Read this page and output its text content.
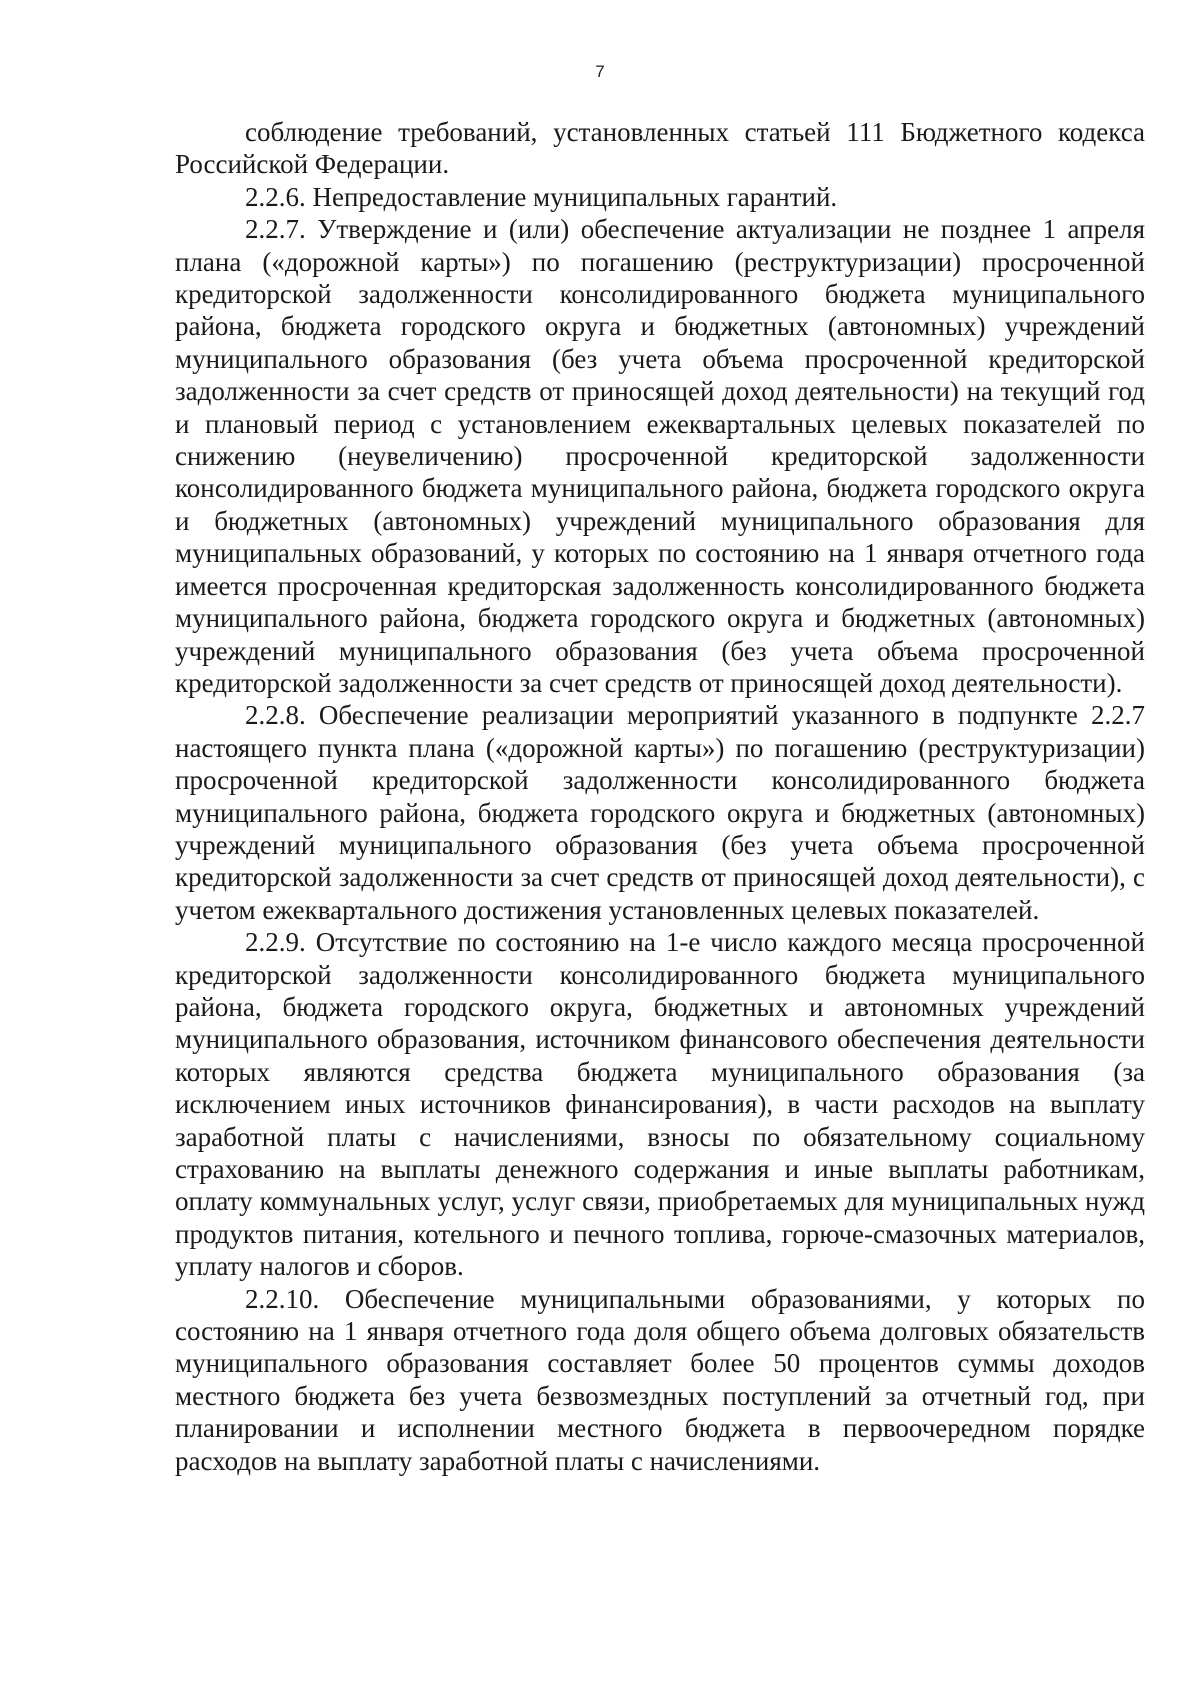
7

соблюдение требований, установленных статьей 111 Бюджетного кодекса Российской Федерации.

2.2.6. Непредоставление муниципальных гарантий.

2.2.7. Утверждение и (или) обеспечение актуализации не позднее 1 апреля плана («дорожной карты») по погашению (реструктуризации) просроченной кредиторской задолженности консолидированного бюджета муниципального района, бюджета городского округа и бюджетных (автономных) учреждений муниципального образования (без учета объема просроченной кредиторской задолженности за счет средств от приносящей доход деятельности) на текущий год и плановый период с установлением ежеквартальных целевых показателей по снижению (неувеличению) просроченной кредиторской задолженности консолидированного бюджета муниципального района, бюджета городского округа и бюджетных (автономных) учреждений муниципального образования для муниципальных образований, у которых по состоянию на 1 января отчетного года имеется просроченная кредиторская задолженность консолидированного бюджета муниципального района, бюджета городского округа и бюджетных (автономных) учреждений муниципального образования (без учета объема просроченной кредиторской задолженности за счет средств от приносящей доход деятельности).

2.2.8. Обеспечение реализации мероприятий указанного в подпункте 2.2.7 настоящего пункта плана («дорожной карты») по погашению (реструктуризации) просроченной кредиторской задолженности консолидированного бюджета муниципального района, бюджета городского округа и бюджетных (автономных) учреждений муниципального образования (без учета объема просроченной кредиторской задолженности за счет средств от приносящей доход деятельности), с учетом ежеквартального достижения установленных целевых показателей.

2.2.9. Отсутствие по состоянию на 1-е число каждого месяца просроченной кредиторской задолженности консолидированного бюджета муниципального района, бюджета городского округа, бюджетных и автономных учреждений муниципального образования, источником финансового обеспечения деятельности которых являются средства бюджета муниципального образования (за исключением иных источников финансирования), в части расходов на выплату заработной платы с начислениями, взносы по обязательному социальному страхованию на выплаты денежного содержания и иные выплаты работникам, оплату коммунальных услуг, услуг связи, приобретаемых для муниципальных нужд продуктов питания, котельного и печного топлива, горюче-смазочных материалов, уплату налогов и сборов.

2.2.10. Обеспечение муниципальными образованиями, у которых по состоянию на 1 января отчетного года доля общего объема долговых обязательств муниципального образования составляет более 50 процентов суммы доходов местного бюджета без учета безвозмездных поступлений за отчетный год, при планировании и исполнении местного бюджета в первоочередном порядке расходов на выплату заработной платы с начислениями.
